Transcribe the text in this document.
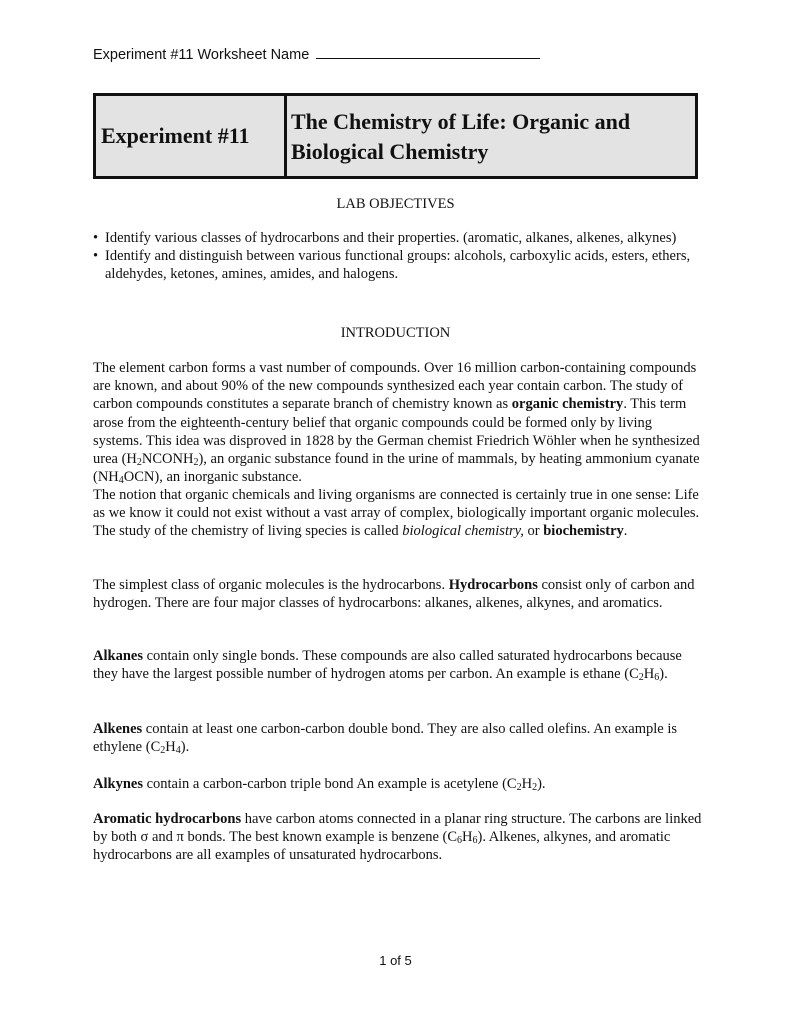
Experiment #11 Worksheet Name
Experiment #11
The Chemistry of Life: Organic and
Biological Chemistry
LAB OBJECTIVES
• Identify various classes of hydrocarbons and their properties. (aromatic, alkanes, alkenes, alkynes)
• Identify and distinguish between various functional groups: alcohols, carboxylic acids, esters, ethers, aldehydes, ketones, amines, amides, and halogens.
INTRODUCTION

The element carbon forms a vast number of compounds. Over 16 million carbon-containing compounds are known, and about 90% of the new compounds synthesized each year contain carbon. The study of carbon compounds constitutes a separate branch of chemistry known as organic chemistry. This term arose from the eighteenth-century belief that organic compounds could be formed only by living systems. This idea was disproved in 1828 by the German chemist Friedrich Wöhler when he synthesized urea $(H_2NCONH_2)$, an organic substance found in the urine of mammals, by heating ammonium cyanate $(NH_4OCN)$, an inorganic substance.

The notion that organic chemicals and living organisms are connected is certainly true in one sense: Life as we know it could not exist without a vast array of complex, biologically important organic molecules. The study of the chemistry of living species is called biological chemistry, or biochemistry.

The simplest class of organic molecules is the hydrocarbons. Hydrocarbons consist only of carbon and hydrogen. There are four major classes of hydrocarbons: alkanes, alkenes, alkynes, and aromatics.

Alkanes contain only single bonds. These compounds are also called saturated hydrocarbons because they have the largest possible number of hydrogen atoms per carbon. An example is ethane $(C_2H_6)$.

Alkenes contain at least one carbon-carbon double bond. They are also called olefins. An example is ethylene $(C_2H_4)$.

Alkynes contain a carbon-carbon triple bond An example is acetylene $(C_2H_2)$.

Aromatic hydrocarbons have carbon atoms connected in a planar ring structure. The carbons are linked by both σ and π bonds. The best known example is benzene $(C_6H_6)$. Alkenes, alkynes, and aromatic hydrocarbons are all examples of unsaturated hydrocarbons.

1 of 5
